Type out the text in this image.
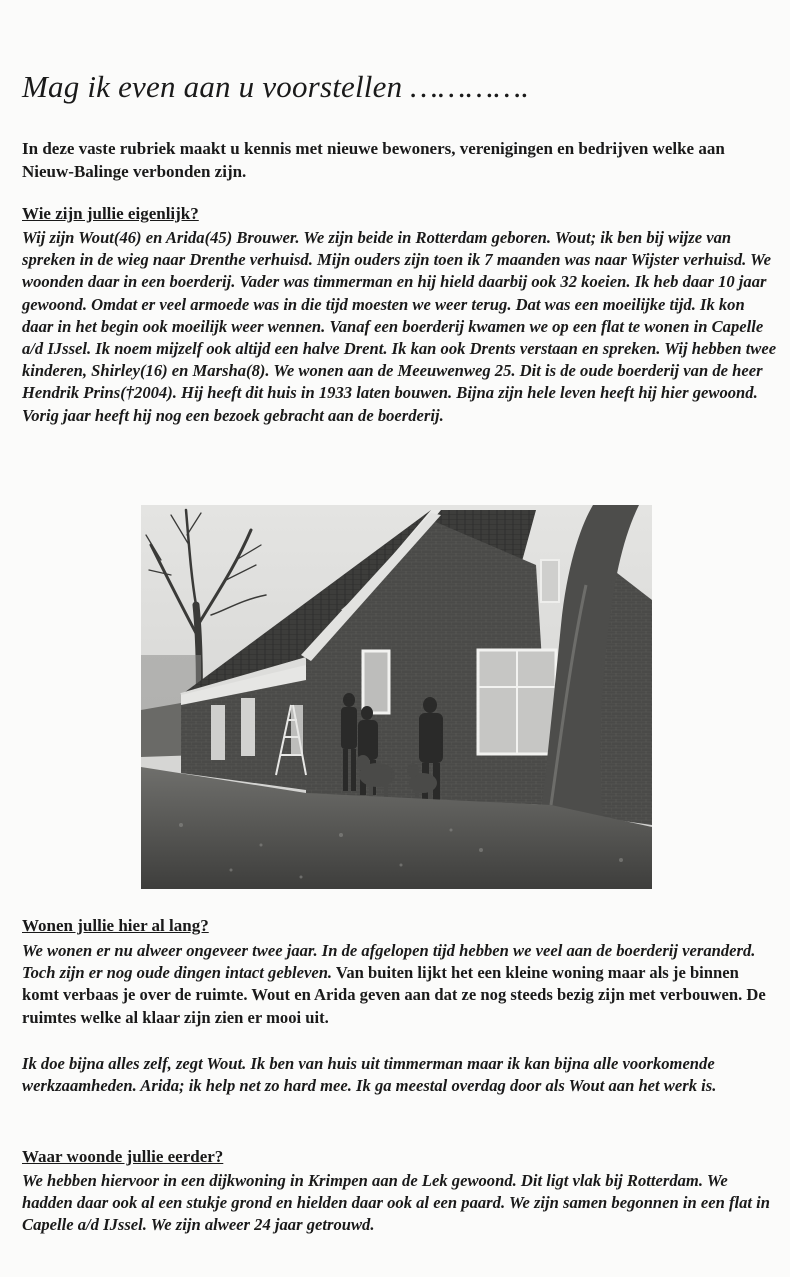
Mag ik even aan u voorstellen ………….

In deze vaste rubriek maakt u kennis met nieuwe bewoners, verenigingen en bedrijven welke aan Nieuw-Balinge verbonden zijn.

Wie zijn jullie eigenlijk?

Wij zijn Wout(46) en Arida(45) Brouwer. We zijn beide in Rotterdam geboren. Wout; ik ben bij wijze van spreken in de wieg naar Drenthe verhuisd. Mijn ouders zijn toen ik 7 maanden was naar Wijster verhuisd. We woonden daar in een boerderij. Vader was timmerman en hij hield daarbij ook 32 koeien. Ik heb daar 10 jaar gewoond. Omdat er veel armoede was in die tijd moesten we weer terug. Dat was een moeilijke tijd. Ik kon daar in het begin ook moeilijk weer wennen. Vanaf een boerderij kwamen we op een flat te wonen in Capelle a/d IJssel. Ik noem mijzelf ook altijd een halve Drent. Ik kan ook Drents verstaan en spreken. Wij hebben twee kinderen, Shirley(16) en Marsha(8). We wonen aan de Meeuwenweg 25. Dit is de oude boerderij van de heer Hendrik Prins(†2004). Hij heeft dit huis in 1933 laten bouwen. Bijna zijn hele leven heeft hij hier gewoond. Vorig jaar heeft hij nog een bezoek gebracht aan de boerderij.

Wonen jullie hier al lang?

We wonen er nu alweer ongeveer twee jaar. In de afgelopen tijd hebben we veel aan de boerderij veranderd. Toch zijn er nog oude dingen intact gebleven. Van buiten lijkt het een kleine woning maar als je binnen komt verbaas je over de ruimte. Wout en Arida geven aan dat ze nog steeds bezig zijn met verbouwen. De ruimtes welke al klaar zijn zien er mooi uit.

Ik doe bijna alles zelf, zegt Wout. Ik ben van huis uit timmerman maar ik kan bijna alle voorkomende werkzaamheden. Arida; ik help net zo hard mee. Ik ga meestal overdag door als Wout aan het werk is.

Waar woonde jullie eerder?

We hebben hiervoor in een dijkwoning in Krimpen aan de Lek gewoond. Dit ligt vlak bij Rotterdam. We hadden daar ook al een stukje grond en hielden daar ook al een paard. We zijn samen begonnen in een flat in Capelle a/d IJssel. We zijn alweer 24 jaar getrouwd.
